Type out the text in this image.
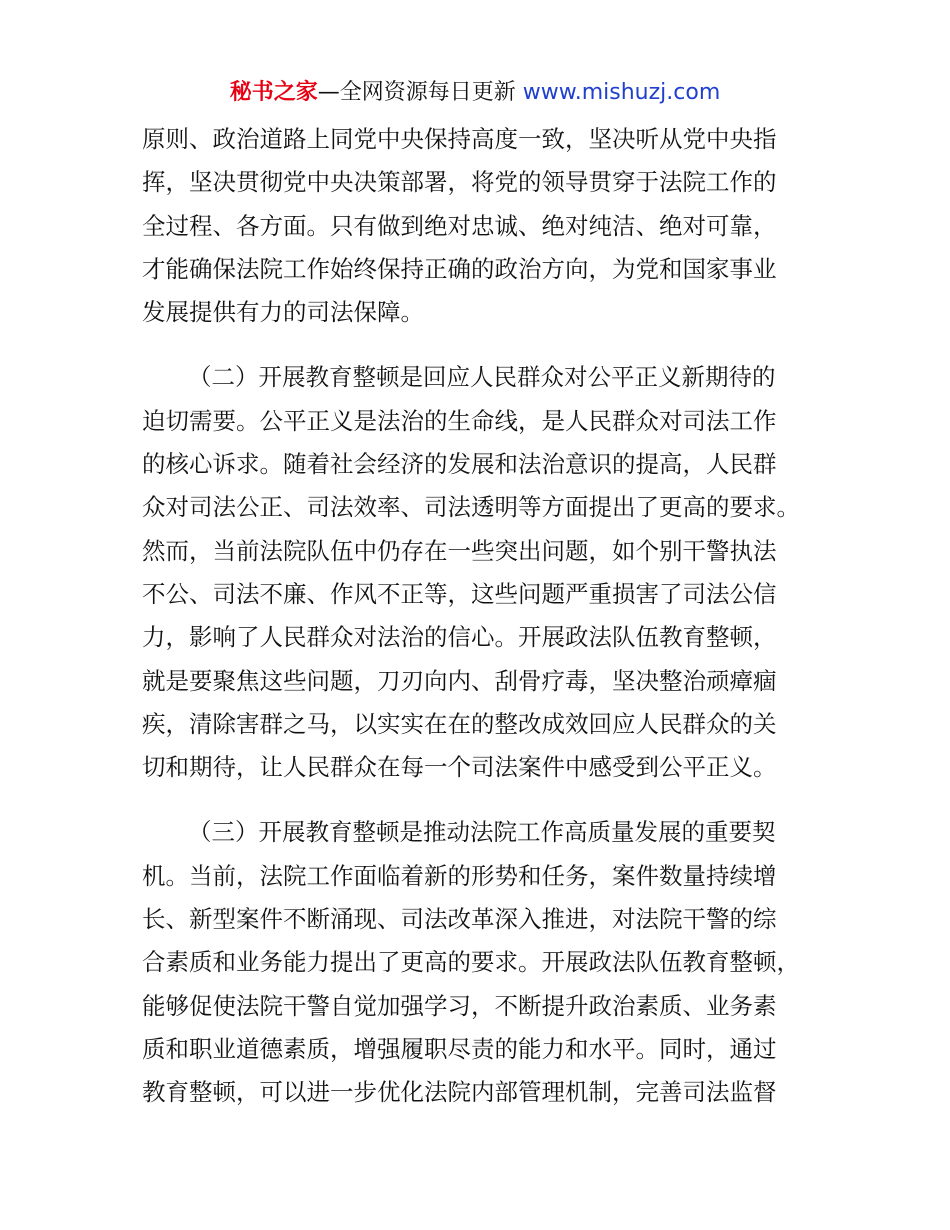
秘书之家—全网资源每日更新 www.mishuzj.com
原则、政治道路上同党中央保持高度一致，坚决听从党中央指
挥，坚决贯彻党中央决策部署，将党的领导贯穿于法院工作的
全过程、各方面。只有做到绝对忠诚、绝对纯洁、绝对可靠，
才能确保法院工作始终保持正确的政治方向，为党和国家事业
发展提供有力的司法保障。
（二）开展教育整顿是回应人民群众对公平正义新期待的
迫切需要。公平正义是法治的生命线，是人民群众对司法工作
的核心诉求。随着社会经济的发展和法治意识的提高，人民群
众对司法公正、司法效率、司法透明等方面提出了更高的要求。
然而，当前法院队伍中仍存在一些突出问题，如个别干警执法
不公、司法不廉、作风不正等，这些问题严重损害了司法公信
力，影响了人民群众对法治的信心。开展政法队伍教育整顿，
就是要聚焦这些问题，刀刃向内、刮骨疗毒，坚决整治顽瘴痼
疾，清除害群之马，以实实在在的整改成效回应人民群众的关
切和期待，让人民群众在每一个司法案件中感受到公平正义。
（三）开展教育整顿是推动法院工作高质量发展的重要契
机。当前，法院工作面临着新的形势和任务，案件数量持续增
长、新型案件不断涌现、司法改革深入推进，对法院干警的综
合素质和业务能力提出了更高的要求。开展政法队伍教育整顿，
能够促使法院干警自觉加强学习，不断提升政治素质、业务素
质和职业道德素质，增强履职尽责的能力和水平。同时，通过
教育整顿，可以进一步优化法院内部管理机制，完善司法监督
